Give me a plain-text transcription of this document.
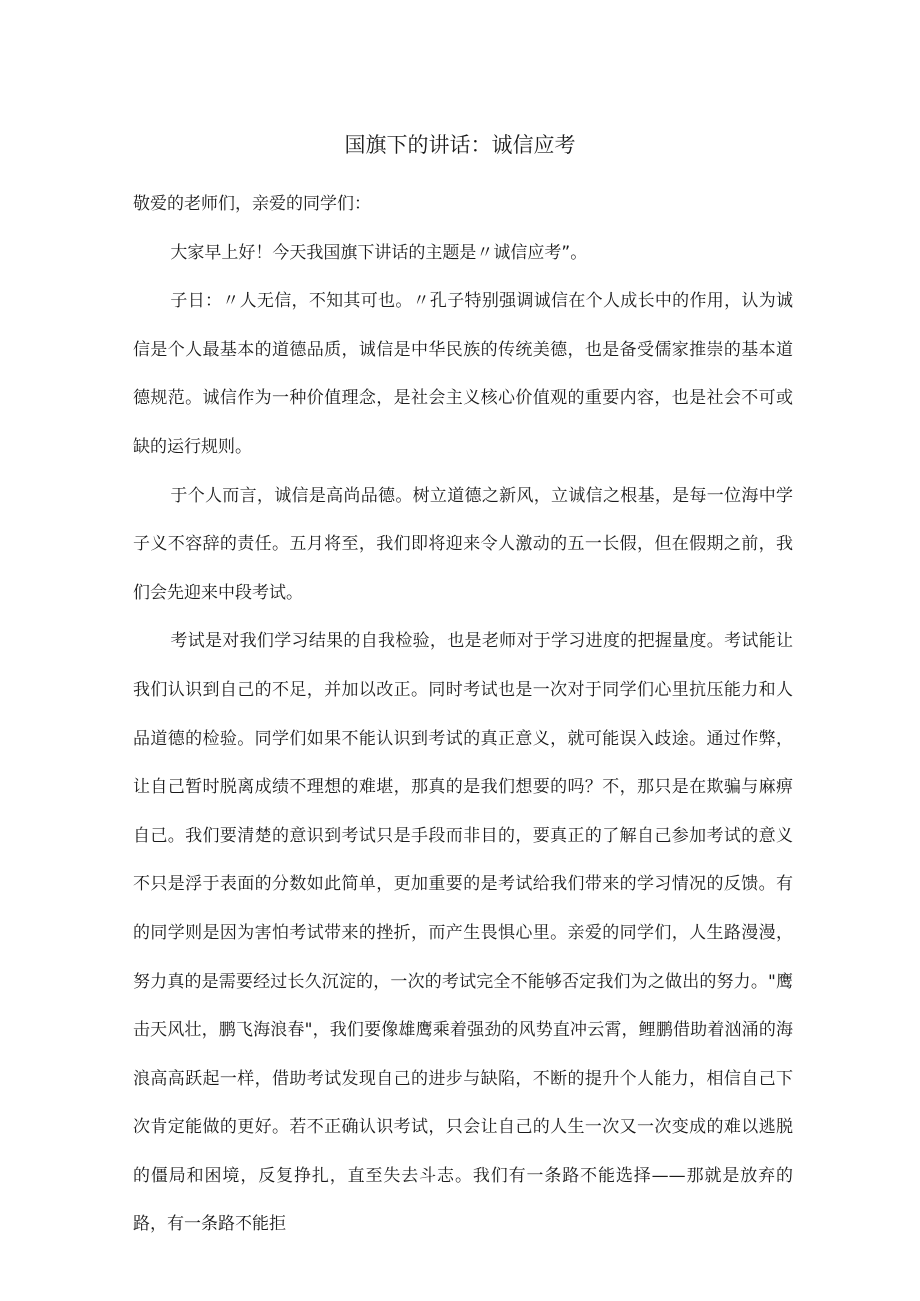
国旗下的讲话：诚信应考

敬爱的老师们，亲爱的同学们：

大家早上好！今天我国旗下讲话的主题是〃诚信应考”。

子日：〃人无信，不知其可也。〃孔子特别强调诚信在个人成长中的作用，认为诚信是个人最基本的道德品质，诚信是中华民族的传统美德，也是备受儒家推崇的基本道德规范。诚信作为一种价值理念，是社会主义核心价值观的重要内容，也是社会不可或缺的运行规则。

于个人而言，诚信是高尚品德。树立道德之新风，立诚信之根基，是每一位海中学子义不容辞的责任。五月将至，我们即将迎来令人激动的五一长假，但在假期之前，我们会先迎来中段考试。

考试是对我们学习结果的自我检验，也是老师对于学习进度的把握量度。考试能让我们认识到自己的不足，并加以改正。同时考试也是一次对于同学们心里抗压能力和人品道德的检验。同学们如果不能认识到考试的真正意义，就可能误入歧途。通过作弊，让自己暂时脱离成绩不理想的难堪，那真的是我们想要的吗？不，那只是在欺骗与麻痹自己。我们要清楚的意识到考试只是手段而非目的，要真正的了解自己参加考试的意义不只是浮于表面的分数如此简单，更加重要的是考试给我们带来的学习情况的反馈。有的同学则是因为害怕考试带来的挫折，而产生畏惧心里。亲爱的同学们，人生路漫漫，努力真的是需要经过长久沉淀的，一次的考试完全不能够否定我们为之做出的努力。"鹰击天风壮，鹏飞海浪春"，我们要像雄鹰乘着强劲的风势直冲云霄，鲤鹏借助着汹涌的海浪高高跃起一样，借助考试发现自己的进步与缺陷，不断的提升个人能力，相信自己下次肯定能做的更好。若不正确认识考试，只会让自己的人生一次又一次变成的难以逃脱的僵局和困境，反复挣扎，直至失去斗志。我们有一条路不能选择——那就是放弃的路，有一条路不能拒
